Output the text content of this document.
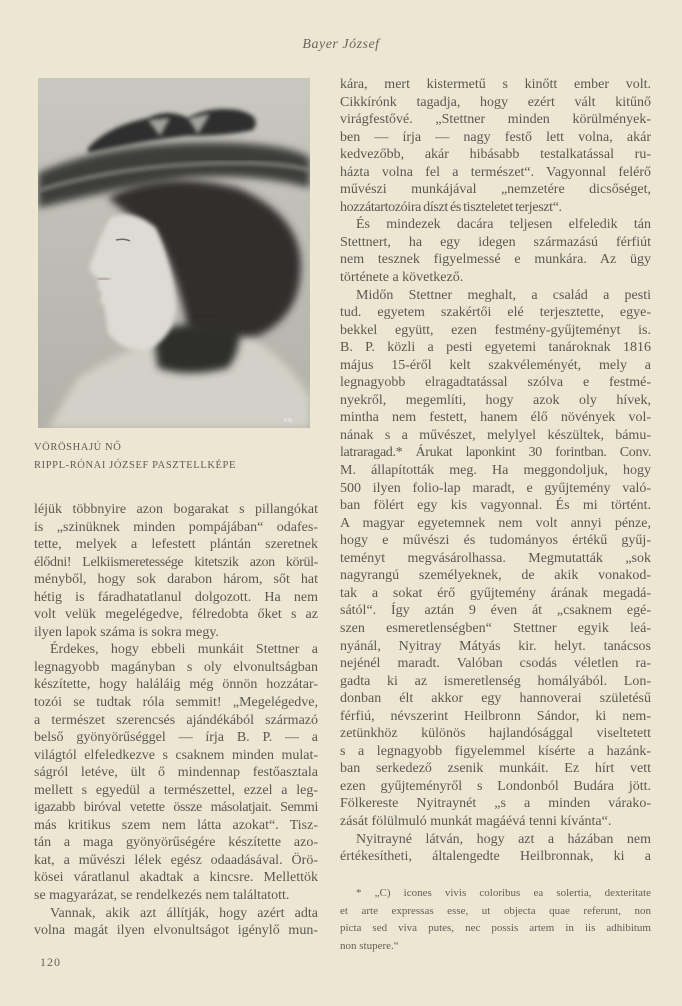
Bayer József
RRJ
VÖRÖSHAJÚ NŐ
RIPPL-RÓNAI JÓZSEF PASZTELLKÉPE
léjük többnyire azon bogarakat s pillangókat
is „szinüknek minden pompájában“ odafes-
tette, melyek a lefestett plántán szeretnek
élődni! Lelkiismeretessége kitetszik azon körül-
ményből, hogy sok darabon három, sőt hat
hétig is fáradhatatlanul dolgozott. Ha nem
volt velük megelégedve, félredobta őket s az
ilyen lapok száma is sokra megy.
Érdekes, hogy ebbeli munkáit Stettner a
legnagyobb magányban s oly elvonultságban
készítette, hogy haláláig még önnön hozzátar-
tozói se tudtak róla semmit! „Megelégedve,
a természet szerencsés ajándékából származó
belső gyönyörűséggel — írja B. P. — a
világtól elfeledkezve s csaknem minden mulat-
ságról letéve, ült ő mindennap festőasztala
mellett s egyedül a természettel, ezzel a leg-
igazabb biróval vetette össze másolatjait. Semmi
más kritikus szem nem látta azokat“. Tisz-
tán a maga gyönyörűségére készítette azo-
kat, a művészi lélek egész odaadásával. Örö-
kösei váratlanul akadtak a kincsre. Mellettök
se magyarázat, se rendelkezés nem találtatott.
Vannak, akik azt állítják, hogy azért adta
volna magát ilyen elvonultságot igénylő mun-
kára, mert kistermetű s kinőtt ember volt.
Cikkírónk tagadja, hogy ezért vált kitűnő
virágfestővé. „Stettner minden körülmények-
ben — írja — nagy festő lett volna, akár
kedvezőbb, akár hibásabb testalkatással ru-
házta volna fel a természet“. Vagyonnal felérő
művészi munkájával „nemzetére dicsőséget,
hozzátartozóira díszt és tiszteletet terjeszt“.
És mindezek dacára teljesen elfeledik tán
Stettnert, ha egy idegen származású férfiút
nem tesznek figyelmessé e munkára. Az ügy
története a következő.
Midőn Stettner meghalt, a család a pesti
tud. egyetem szakértői elé terjesztette, egye-
bekkel együtt, ezen festmény-gyűjteményt is.
B. P. közli a pesti egyetemi tanároknak 1816
május 15-éről kelt szakvéleményét, mely a
legnagyobb elragadtatással szólva e festmé-
nyekről, megemlíti, hogy azok oly hívek,
mintha nem festett, hanem élő növények vol-
nának s a művészet, melylyel készültek, bámu-
latraragad.* Árukat laponkint 30 forintban. Conv.
M. állapították meg. Ha meggondoljuk, hogy
500 ilyen folio-lap maradt, e gyűjtemény való-
ban fölért egy kis vagyonnal. És mi történt.
A magyar egyetemnek nem volt annyi pénze,
hogy e művészi és tudományos értékű gyűj-
teményt megvásárolhassa. Megmutatták „sok
nagyrangú személyeknek, de akik vonakod-
tak a sokat érő gyűjtemény árának megadá-
sától“. Így aztán 9 éven át „csaknem egé-
szen esmeretlenségben“ Stettner egyik leá-
nyánál, Nyitray Mátyás kir. helyt. tanácsos
nejénél maradt. Valóban csodás véletlen ra-
gadta ki az ismeretlenség homályából. Lon-
donban élt akkor egy hannoverai születésű
férfiú, névszerint Heilbronn Sándor, ki nem-
zetünkhöz különös hajlandósággal viseltetett
s a legnagyobb figyelemmel kísérte a hazánk-
ban serkedező zsenik munkáit. Ez hírt vett
ezen gyűjteményről s Londonból Budára jött.
Fölkereste Nyitraynét „s a minden várako-
zását fölülmuló munkát magáévá tenni kívánta“.
Nyitrayné látván, hogy azt a házában nem
értékesítheti, általengedte Heilbronnak, ki a
* „C) icones vivis coloribus ea solertia, dexteritate
et arte expressas esse, ut objecta quae referunt, non
picta sed viva putes, nec possis artem in iis adhibitum
non stupere.“
120
